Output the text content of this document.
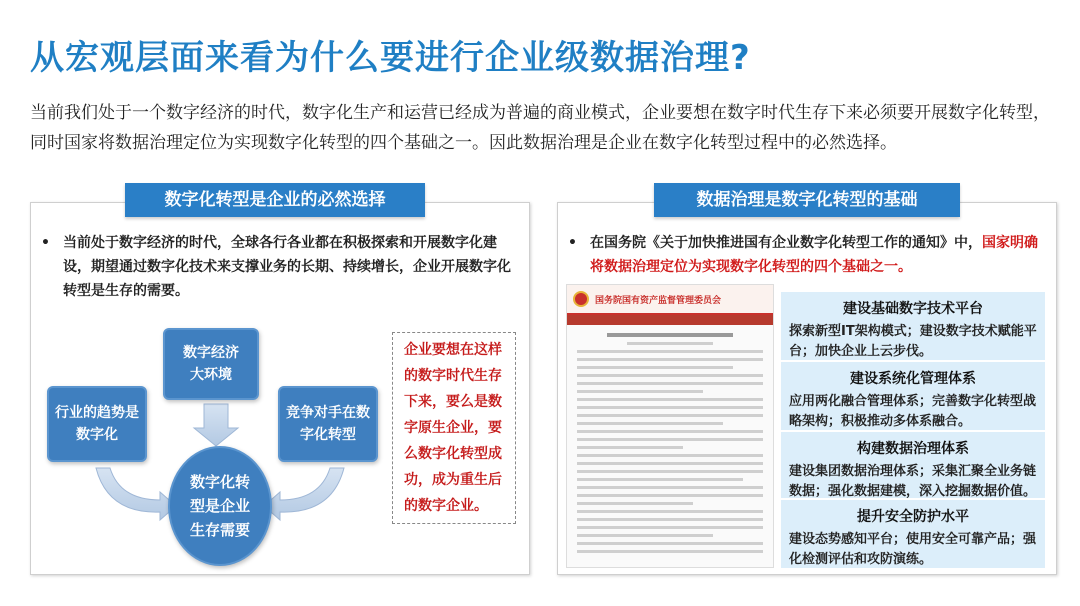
从宏观层面来看为什么要进行企业级数据治理?
当前我们处于一个数字经济的时代，数字化生产和运营已经成为普遍的商业模式，企业要想在数字时代生存下来必须要开展数字化转型，同时国家将数据治理定位为实现数字化转型的四个基础之一。因此数据治理是企业在数字化转型过程中的必然选择。
数字化转型是企业的必然选择
• 当前处于数字经济的时代，全球各行各业都在积极探索和开展数字化建设，期望通过数字化技术来支撑业务的长期、持续增长，企业开展数字化转型是生存的需要。
数字经济
大环境
行业的趋势是
数字化
竞争对手在数
字化转型
数字化转
型是企业
生存需要
企业要想在这样的数字时代生存下来，要么是数字原生企业，要么数字化转型成功，成为重生后的数字企业。
数据治理是数字化转型的基础
• 在国务院《关于加快推进国有企业数字化转型工作的通知》中，国家明确将数据治理定位为实现数字化转型的四个基础之一。
国务院国有资产监督管理委员会
建设基础数字技术平台
探索新型IT架构模式；建设数字技术赋能平台；加快企业上云步伐。
建设系统化管理体系
应用两化融合管理体系；完善数字化转型战略架构；积极推动多体系融合。
构建数据治理体系
建设集团数据治理体系；采集汇聚全业务链数据；强化数据建模，深入挖掘数据价值。
提升安全防护水平
建设态势感知平台；使用安全可靠产品；强化检测评估和攻防演练。
